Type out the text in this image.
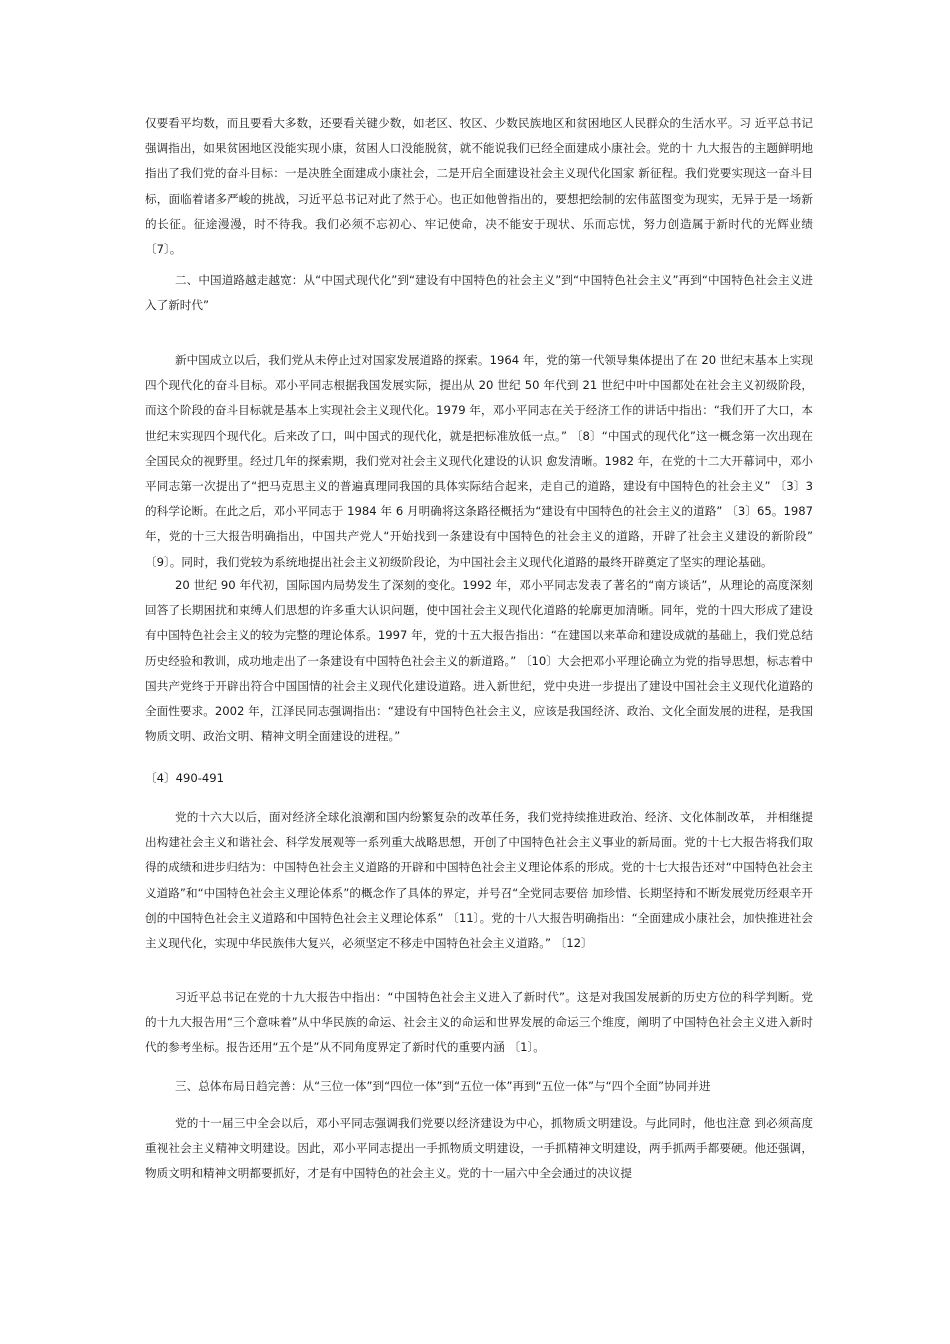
仅要看平均数，而且要看大多数，还要看关键少数，如老区、牧区、少数民族地区和贫困地区人民群众的生活水平。习 近平总书记强调指出，如果贫困地区没能实现小康，贫困人口没能脱贫，就不能说我们已经全面建成小康社会。党的十 九大报告的主题鲜明地指出了我们党的奋斗目标：一是决胜全面建成小康社会，二是开启全面建设社会主义现代化国家 新征程。我们党要实现这一奋斗目标，面临着诸多严峻的挑战，习近平总书记对此了然于心。也正如他曾指出的，要想把绘制的宏伟蓝图变为现实，无异于是一场新的长征。征途漫漫，时不待我。我们必须不忘初心、牢记使命，决不能安于现状、乐而忘忧，努力创造属于新时代的光辉业绩 〔7〕。
二、中国道路越走越宽：从“中国式现代化”到“建设有中国特色的社会主义”到“中国特色社会主义”再到“中国特色社会主义进入了新时代”
新中国成立以后，我们党从未停止过对国家发展道路的探索。1964 年，党的第一代领导集体提出了在 20 世纪末基本上实现四个现代化的奋斗目标。邓小平同志根据我国发展实际，提出从 20 世纪 50 年代到 21 世纪中叶中国都处在社会主义初级阶段，而这个阶段的奋斗目标就是基本上实现社会主义现代化。1979 年，邓小平同志在关于经济工作的讲话中指出：“我们开了大口，本世纪末实现四个现代化。后来改了口，叫中国式的现代化，就是把标准放低一点。” 〔8〕“中国式的现代化”这一概念第一次出现在全国民众的视野里。经过几年的探索期，我们党对社会主义现代化建设的认识 愈发清晰。1982 年，在党的十二大开幕词中，邓小平同志第一次提出了“把马克思主义的普遍真理同我国的具体实际结合起来，走自己的道路，建设有中国特色的社会主义” 〔3〕3 的科学论断。在此之后，邓小平同志于 1984 年 6 月明确将这条路径概括为“建设有中国特色的社会主义的道路” 〔3〕65。1987 年，党的十三大报告明确指出，中国共产党人“开始找到一条建设有中国特色的社会主义的道路，开辟了社会主义建设的新阶段” 〔9〕。同时，我们党较为系统地提出社会主义初级阶段论，为中国社会主义现代化道路的最终开辟奠定了坚实的理论基础。
20 世纪 90 年代初，国际国内局势发生了深刻的变化。1992 年，邓小平同志发表了著名的“南方谈话”，从理论的高度深刻回答了长期困扰和束缚人们思想的许多重大认识问题，使中国社会主义现代化道路的轮廓更加清晰。同年，党的十四大形成了建设有中国特色社会主义的较为完整的理论体系。1997 年，党的十五大报告指出：“在建国以来革命和建设成就的基础上，我们党总结历史经验和教训，成功地走出了一条建设有中国特色社会主义的新道路。” 〔10〕大会把邓小平理论确立为党的指导思想，标志着中国共产党终于开辟出符合中国国情的社会主义现代化建设道路。进入新世纪，党中央进一步提出了建设中国社会主义现代化道路的全面性要求。2002 年，江泽民同志强调指出：“建设有中国特色社会主义，应该是我国经济、政治、文化全面发展的进程，是我国物质文明、政治文明、精神文明全面建设的进程。”
〔4〕490-491
党的十六大以后，面对经济全球化浪潮和国内纷繁复杂的改革任务，我们党持续推进政治、经济、文化体制改革， 并相继提出构建社会主义和谐社会、科学发展观等一系列重大战略思想，开创了中国特色社会主义事业的新局面。党的十七大报告将我们取得的成绩和进步归结为：中国特色社会主义道路的开辟和中国特色社会主义理论体系的形成。党的十七大报告还对“中国特色社会主义道路”和“中国特色社会主义理论体系”的概念作了具体的界定，并号召“全党同志要倍 加珍惜、长期坚持和不断发展党历经艰辛开创的中国特色社会主义道路和中国特色社会主义理论体系” 〔11〕。党的十八大报告明确指出：“全面建成小康社会，加快推进社会主义现代化，实现中华民族伟大复兴，必须坚定不移走中国特色社会主义道路。” 〔12〕
习近平总书记在党的十九大报告中指出：“中国特色社会主义进入了新时代”。这是对我国发展新的历史方位的科学判断。党的十九大报告用“三个意味着”从中华民族的命运、社会主义的命运和世界发展的命运三个维度，阐明了中国特色社会主义进入新时代的参考坐标。报告还用“五个是”从不同角度界定了新时代的重要内涵 〔1〕。
三、总体布局日趋完善：从“三位一体”到“四位一体”到“五位一体”再到“五位一体”与“四个全面”协同并进
党的十一届三中全会以后，邓小平同志强调我们党要以经济建设为中心，抓物质文明建设。与此同时，他也注意 到必须高度重视社会主义精神文明建设。因此，邓小平同志提出一手抓物质文明建设，一手抓精神文明建设，两手抓两手都要硬。他还强调，物质文明和精神文明都要抓好，才是有中国特色的社会主义。党的十一届六中全会通过的决议提
